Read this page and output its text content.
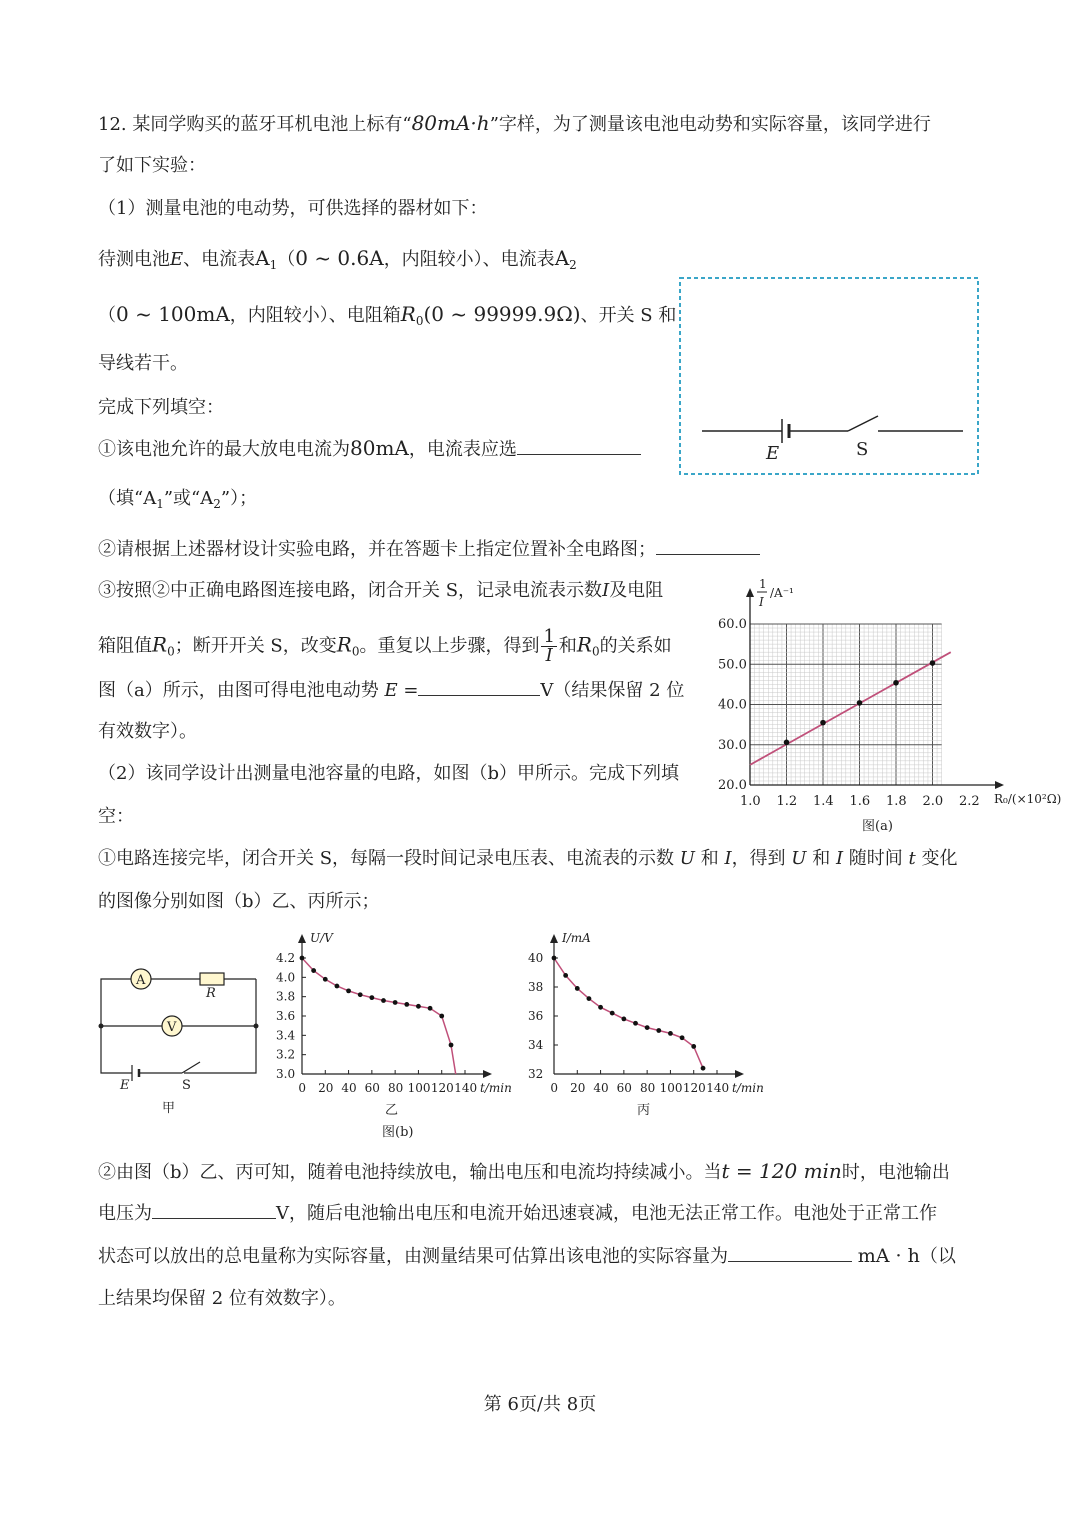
12. 某同学购买的蓝牙耳机电池上标有“80mA·h”字样，为了测量该电池电动势和实际容量，该同学进行
了如下实验：
（1）测量电池的电动势，可供选择的器材如下：
待测电池E、电流表$A_1(0$ ~ 0.6A，内阻较小）、电流表$A_2$
（0 ~ 100mA，内阻较小）、电阻箱$R_0(0$ ~ 99999.9Ω)、开关 S 和
导线若干。
完成下列填空：
①该电池允许的最大放电电流为80mA，电流表应选
（填“$A_1$”或“$A_2$”）；
②请根据上述器材设计实验电路，并在答题卡上指定位置补全电路图；
③按照②中正确电路图连接电路，闭合开关 S，记录电流表示数I及电阻
箱阻值$R_0$；断开开关 S，改变$R_0$。重复以上步骤，得到 $\frac{1}{I}$ 和$R_0$的关系如
图（a）所示，由图可得电池电动势 E =	V（结果保留 2 位
有效数字）。
（2）该同学设计出测量电池容量的电路，如图（b）甲所示。完成下列填
空：
①电路连接完毕，闭合开关 S，每隔一段时间记录电压表、电流表的示数 U 和 I，得到 U 和 I 随时间 t 变化
的图像分别如图（b）乙、丙所示；
②由图（b）乙、丙可知，随着电池持续放电，输出电压和电流均持续减小。当t = 120 min时，电池输出
电压为	V，随后电池输出电压和电流开始迅速衰减，电池无法正常工作。电池处于正常工作
状态可以放出的总电量称为实际容量，由测量结果可估算出该电池的实际容量为	mA · h（以
上结果均保留 2 位有效数字）。
E	S
1.0 1.2 1.4 1.6 1.8 2.0 2.2
20.0
30.0
40.0
50.0
60.0
1
I
/A⁻¹
R₀/(×10²Ω)
图(a)
A
R
V
E	S
甲
3.0
3.2
3.4
3.6
3.8
4.0
4.2
0 20 40 60 80 100 120 140
U/V
t/min
乙
32
34
36
38
40
0 20 40 60 80 100 120 140
I/mA
t/min
丙
图(b)
第 6页/共 8页
